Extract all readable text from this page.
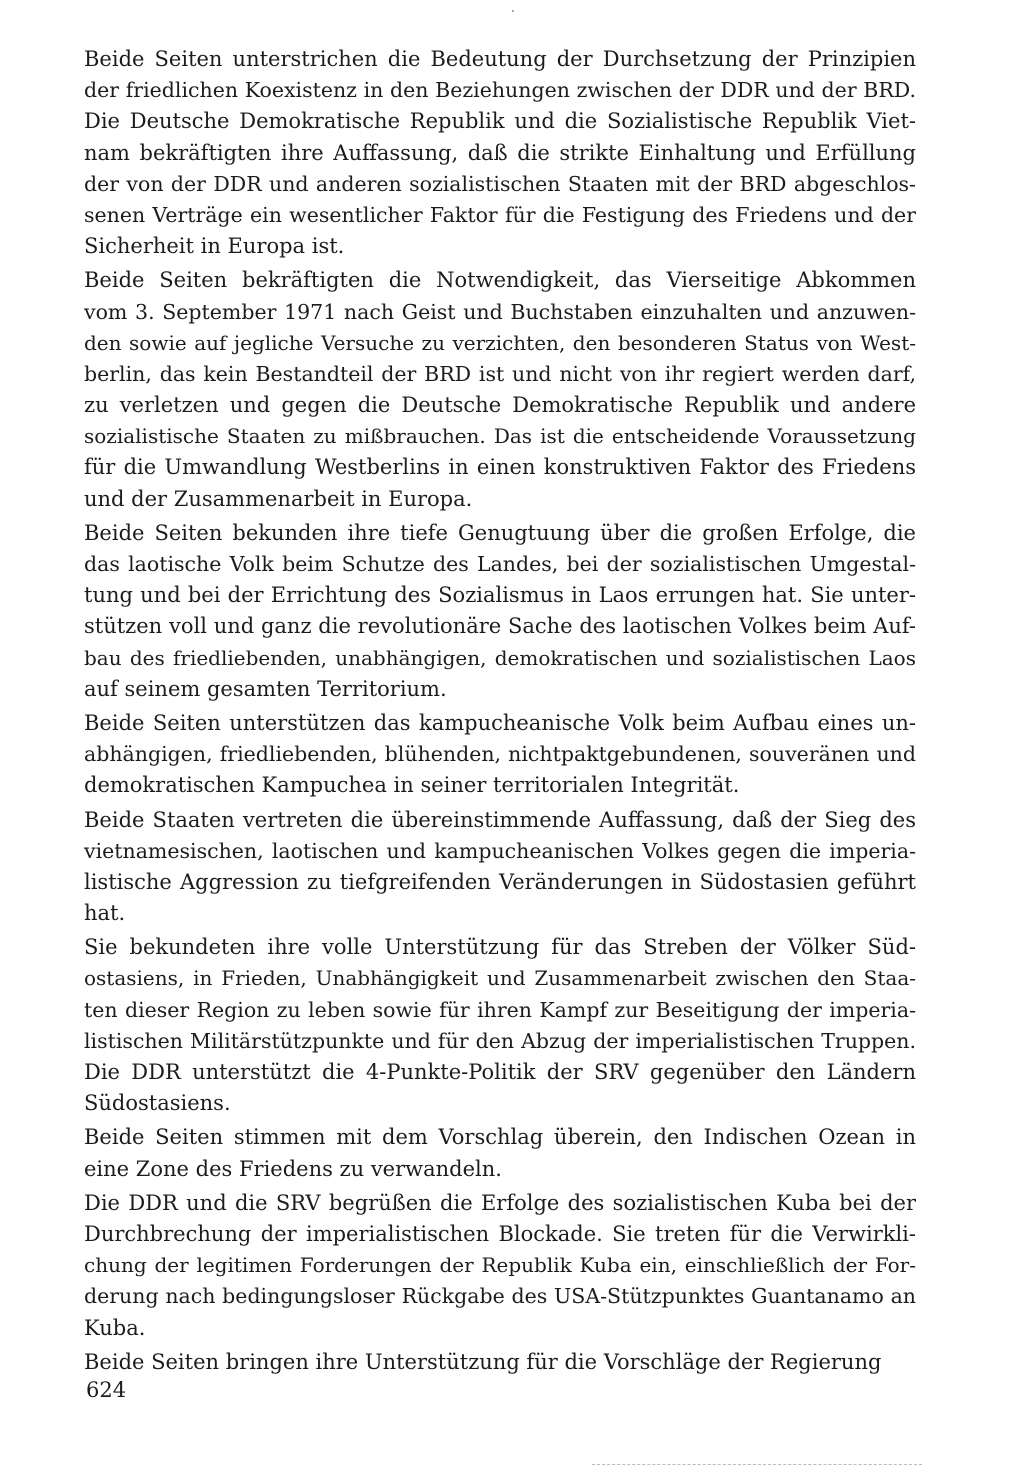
Beide Seiten unterstrichen die Bedeutung der Durchsetzung der Prinzipien
der friedlichen Koexistenz in den Beziehungen zwischen der DDR und der BRD.
Die Deutsche Demokratische Republik und die Sozialistische Republik Viet-
nam bekräftigten ihre Auffassung, daß die strikte Einhaltung und Erfüllung
der von der DDR und anderen sozialistischen Staaten mit der BRD abgeschlos-
senen Verträge ein wesentlicher Faktor für die Festigung des Friedens und der
Sicherheit in Europa ist.
Beide Seiten bekräftigten die Notwendigkeit, das Vierseitige Abkommen
vom 3. September 1971 nach Geist und Buchstaben einzuhalten und anzuwen-
den sowie auf jegliche Versuche zu verzichten, den besonderen Status von West-
berlin, das kein Bestandteil der BRD ist und nicht von ihr regiert werden darf,
zu verletzen und gegen die Deutsche Demokratische Republik und andere
sozialistische Staaten zu mißbrauchen. Das ist die entscheidende Voraussetzung
für die Umwandlung Westberlins in einen konstruktiven Faktor des Friedens
und der Zusammenarbeit in Europa.
Beide Seiten bekunden ihre tiefe Genugtuung über die großen Erfolge, die
das laotische Volk beim Schutze des Landes, bei der sozialistischen Umgestal-
tung und bei der Errichtung des Sozialismus in Laos errungen hat. Sie unter-
stützen voll und ganz die revolutionäre Sache des laotischen Volkes beim Auf-
bau des friedliebenden, unabhängigen, demokratischen und sozialistischen Laos
auf seinem gesamten Territorium.
Beide Seiten unterstützen das kampucheanische Volk beim Aufbau eines un-
abhängigen, friedliebenden, blühenden, nichtpaktgebundenen, souveränen und
demokratischen Kampuchea in seiner territorialen Integrität.
Beide Staaten vertreten die übereinstimmende Auffassung, daß der Sieg des
vietnamesischen, laotischen und kampucheanischen Volkes gegen die imperia-
listische Aggression zu tiefgreifenden Veränderungen in Südostasien geführt
hat.
Sie bekundeten ihre volle Unterstützung für das Streben der Völker Süd-
ostasiens, in Frieden, Unabhängigkeit und Zusammenarbeit zwischen den Staa-
ten dieser Region zu leben sowie für ihren Kampf zur Beseitigung der imperia-
listischen Militärstützpunkte und für den Abzug der imperialistischen Truppen.
Die DDR unterstützt die 4-Punkte-Politik der SRV gegenüber den Ländern
Südostasiens.
Beide Seiten stimmen mit dem Vorschlag überein, den Indischen Ozean in
eine Zone des Friedens zu verwandeln.
Die DDR und die SRV begrüßen die Erfolge des sozialistischen Kuba bei der
Durchbrechung der imperialistischen Blockade. Sie treten für die Verwirkli-
chung der legitimen Forderungen der Republik Kuba ein, einschließlich der For-
derung nach bedingungsloser Rückgabe des USA-Stützpunktes Guantanamo an
Kuba.
Beide Seiten bringen ihre Unterstützung für die Vorschläge der Regierung
624
